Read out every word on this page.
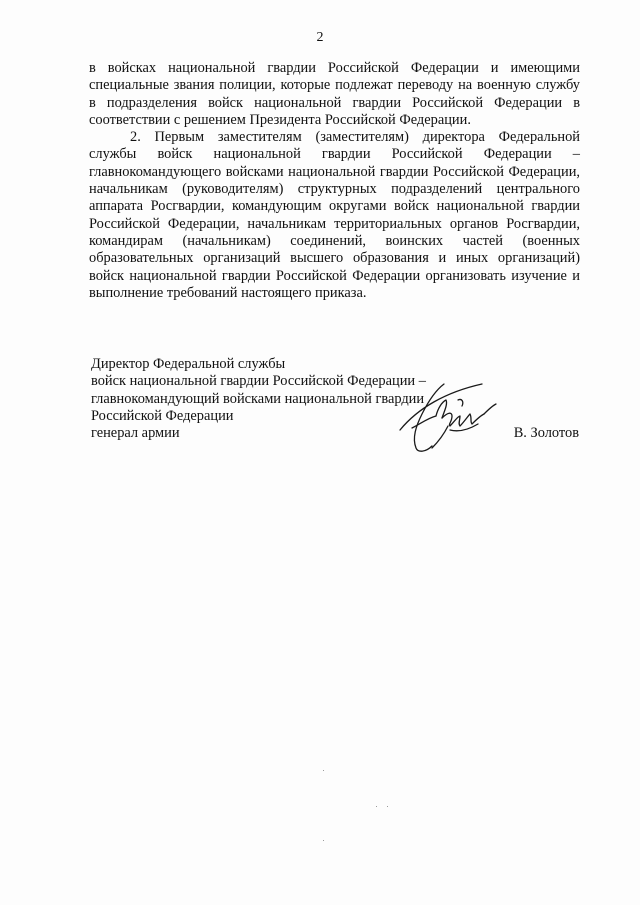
2

в войсках национальной гвардии Российской Федерации и имеющими специальные звания полиции, которые подлежат переводу на военную службу в подразделения войск национальной гвардии Российской Федерации в соответствии с решением Президента Российской Федерации.

2. Первым заместителям (заместителям) директора Федеральной службы войск национальной гвардии Российской Федерации – главнокомандующего войсками национальной гвардии Российской Федерации, начальникам (руководителям) структурных подразделений центрального аппарата Росгвардии, командующим округами войск национальной гвардии Российской Федерации, начальникам территориальных органов Росгвардии, командирам (начальникам) соединений, воинских частей (военных образовательных организаций высшего образования и иных организаций) войск национальной гвардии Российской Федерации организовать изучение и выполнение требований настоящего приказа.

Директор Федеральной службы
войск национальной гвардии Российской Федерации –
главнокомандующий войсками национальной гвардии
Российской Федерации
генерал армии	В. Золотов
